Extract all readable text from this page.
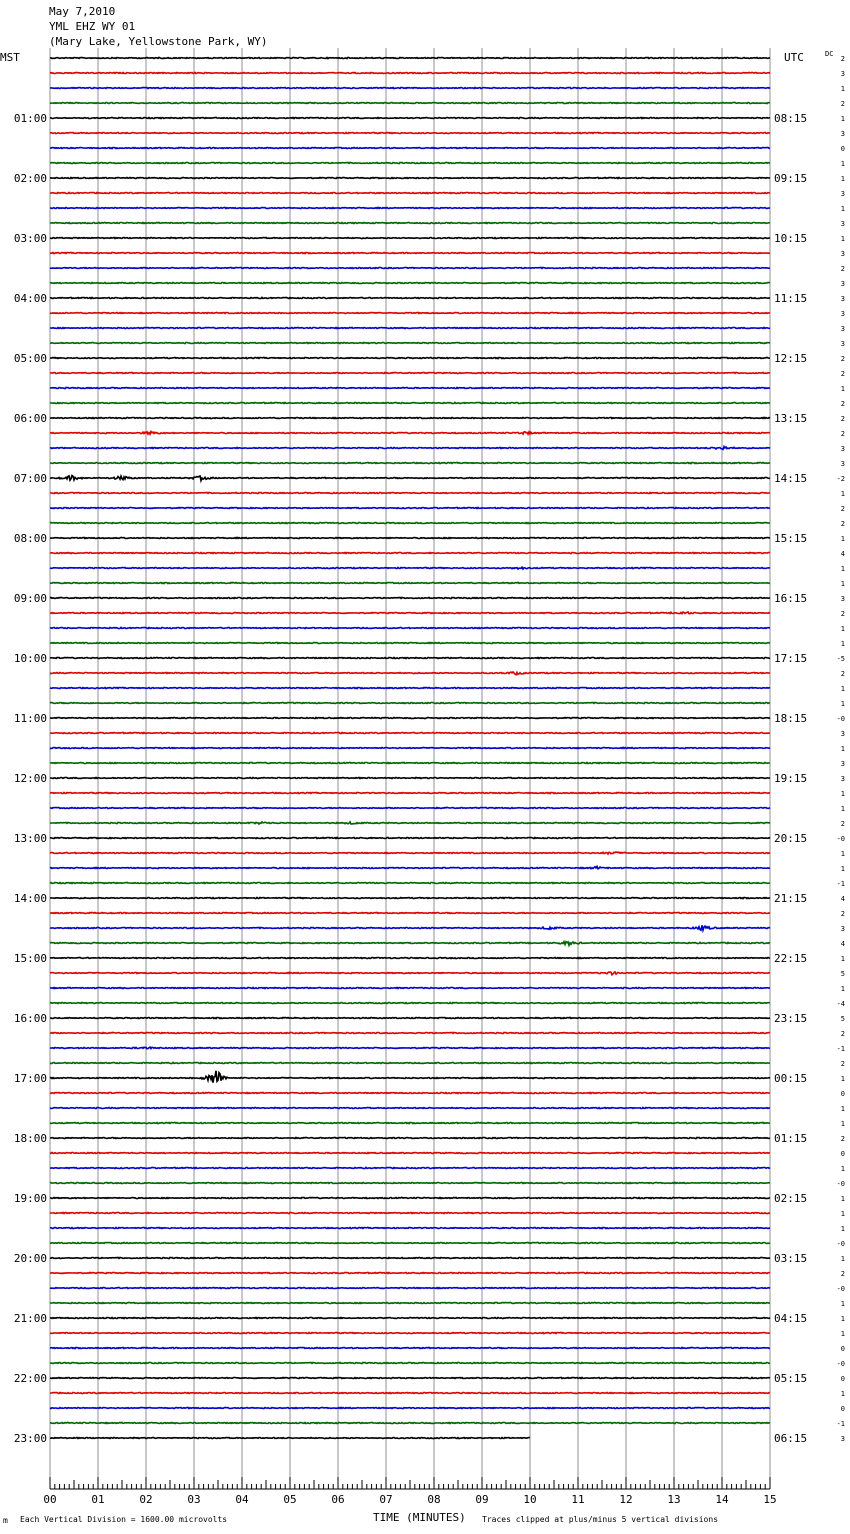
May 7,2010
YML EHZ WY 01
(Mary Lake, Yellowstone Park, WY)
MST	UTC	DC
01:00
02:00
03:00
04:00
05:00
06:00
07:00
08:00
09:00
10:00
11:00
12:00
13:00
14:00
15:00
16:00
17:00
18:00
19:00
20:00
21:00
22:00
23:00
08:15
09:15
10:15
11:15
12:15
13:15
14:15
15:15
16:15
17:15
18:15
19:15
20:15
21:15
22:15
23:15
00:15
01:15
02:15
03:15
04:15
05:15
06:15
2
3
1
2
1
3
0
1
1
3
1
3
1
3
2
3
3
3
3
3
2
2
1
2
2
2
3
3
-2
1
2
2
1
4
1
1
3
2
1
1
-5
2
1
1
-0
3
1
3
3
1
1
2
-0
1
1
-1
4
2
3
4
1
5
1
-4
5
2
-1
2
1
0
1
1
2
0
1
-0
1
1
1
-0
1
2
-0
1
1
1
0
-0
0
1
0
-1
3
00	01	02	03	04	05	06	07	08	09	10	11	12	13	14	15
m Each Vertical Division = 1600.00 microvolts	TIME (MINUTES) Traces clipped at plus/minus 5 vertical divisions
